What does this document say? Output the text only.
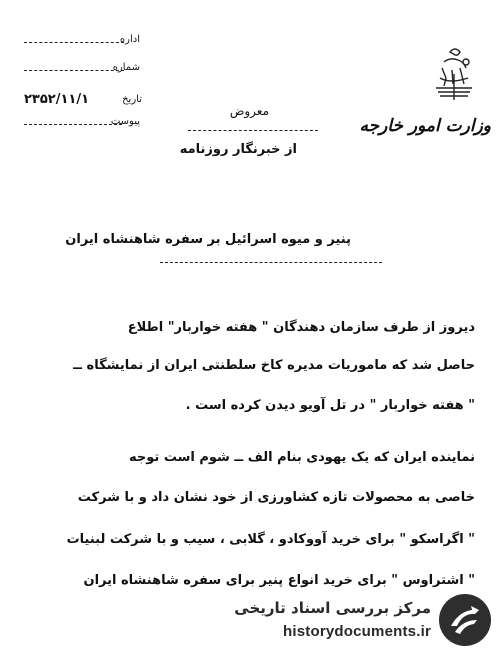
اداره
شماره
۲۳۵۲/۱۱/۱	تاریخ
پیوست	وزارت امور خارجه
معروض
از خبرنگار روزنامه
پنیر و میوه اسرائیل بر سفره شاهنشاه ایران
دیروز از طرف سازمان دهندگان " هفته خواربار" اطلاع
حاصل شد که ماموریات مدیره کاخ سلطنتی ایران از نمایشگاه ــ
" هفته خواربار " در تل آویو دیدن کرده است .
نماینده ایران که یک یهودی بنام الف ــ شوم است توجه
خاصی به محصولات تازه کشاورزی از خود نشان داد و با شرکت
" اگراسکو " برای خرید آووکادو ، گلابی ، سیب و با شرکت لبنیات
" اشتراوس " برای خرید انواع پنیر برای سفره شاهنشاه ایران
مرکز بررسی اسناد تاریخی
historydocuments.ir
